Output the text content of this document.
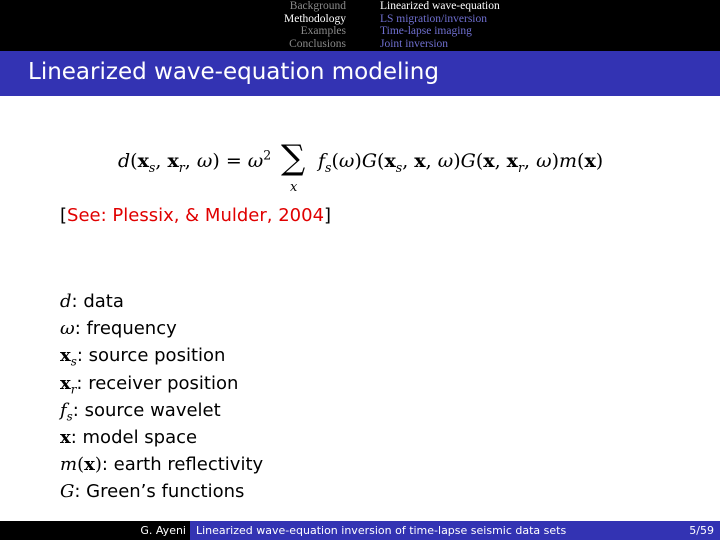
Background
Methodology
Examples
Conclusions
Linearized wave-equation
LS migration/inversion
Time-lapse imaging
Joint inversion
Linearized wave-equation modeling
$d(x_s$, $x_r$, $\omega) = \omega^2$ ∑
x
$f_s(\omega)G(x_s$, x, ω)G(x, $x_r$, ω)m(x)
[See: Plessix, & Mulder, 2004]
d: data
ω: frequency
$x_s$: source position
$x_r$: receiver position
$f_s$: source wavelet
x: model space
m(x): earth reflectivity
G: Green’s functions
G. Ayeni Linearized wave-equation inversion of time-lapse seismic data sets	5/59
